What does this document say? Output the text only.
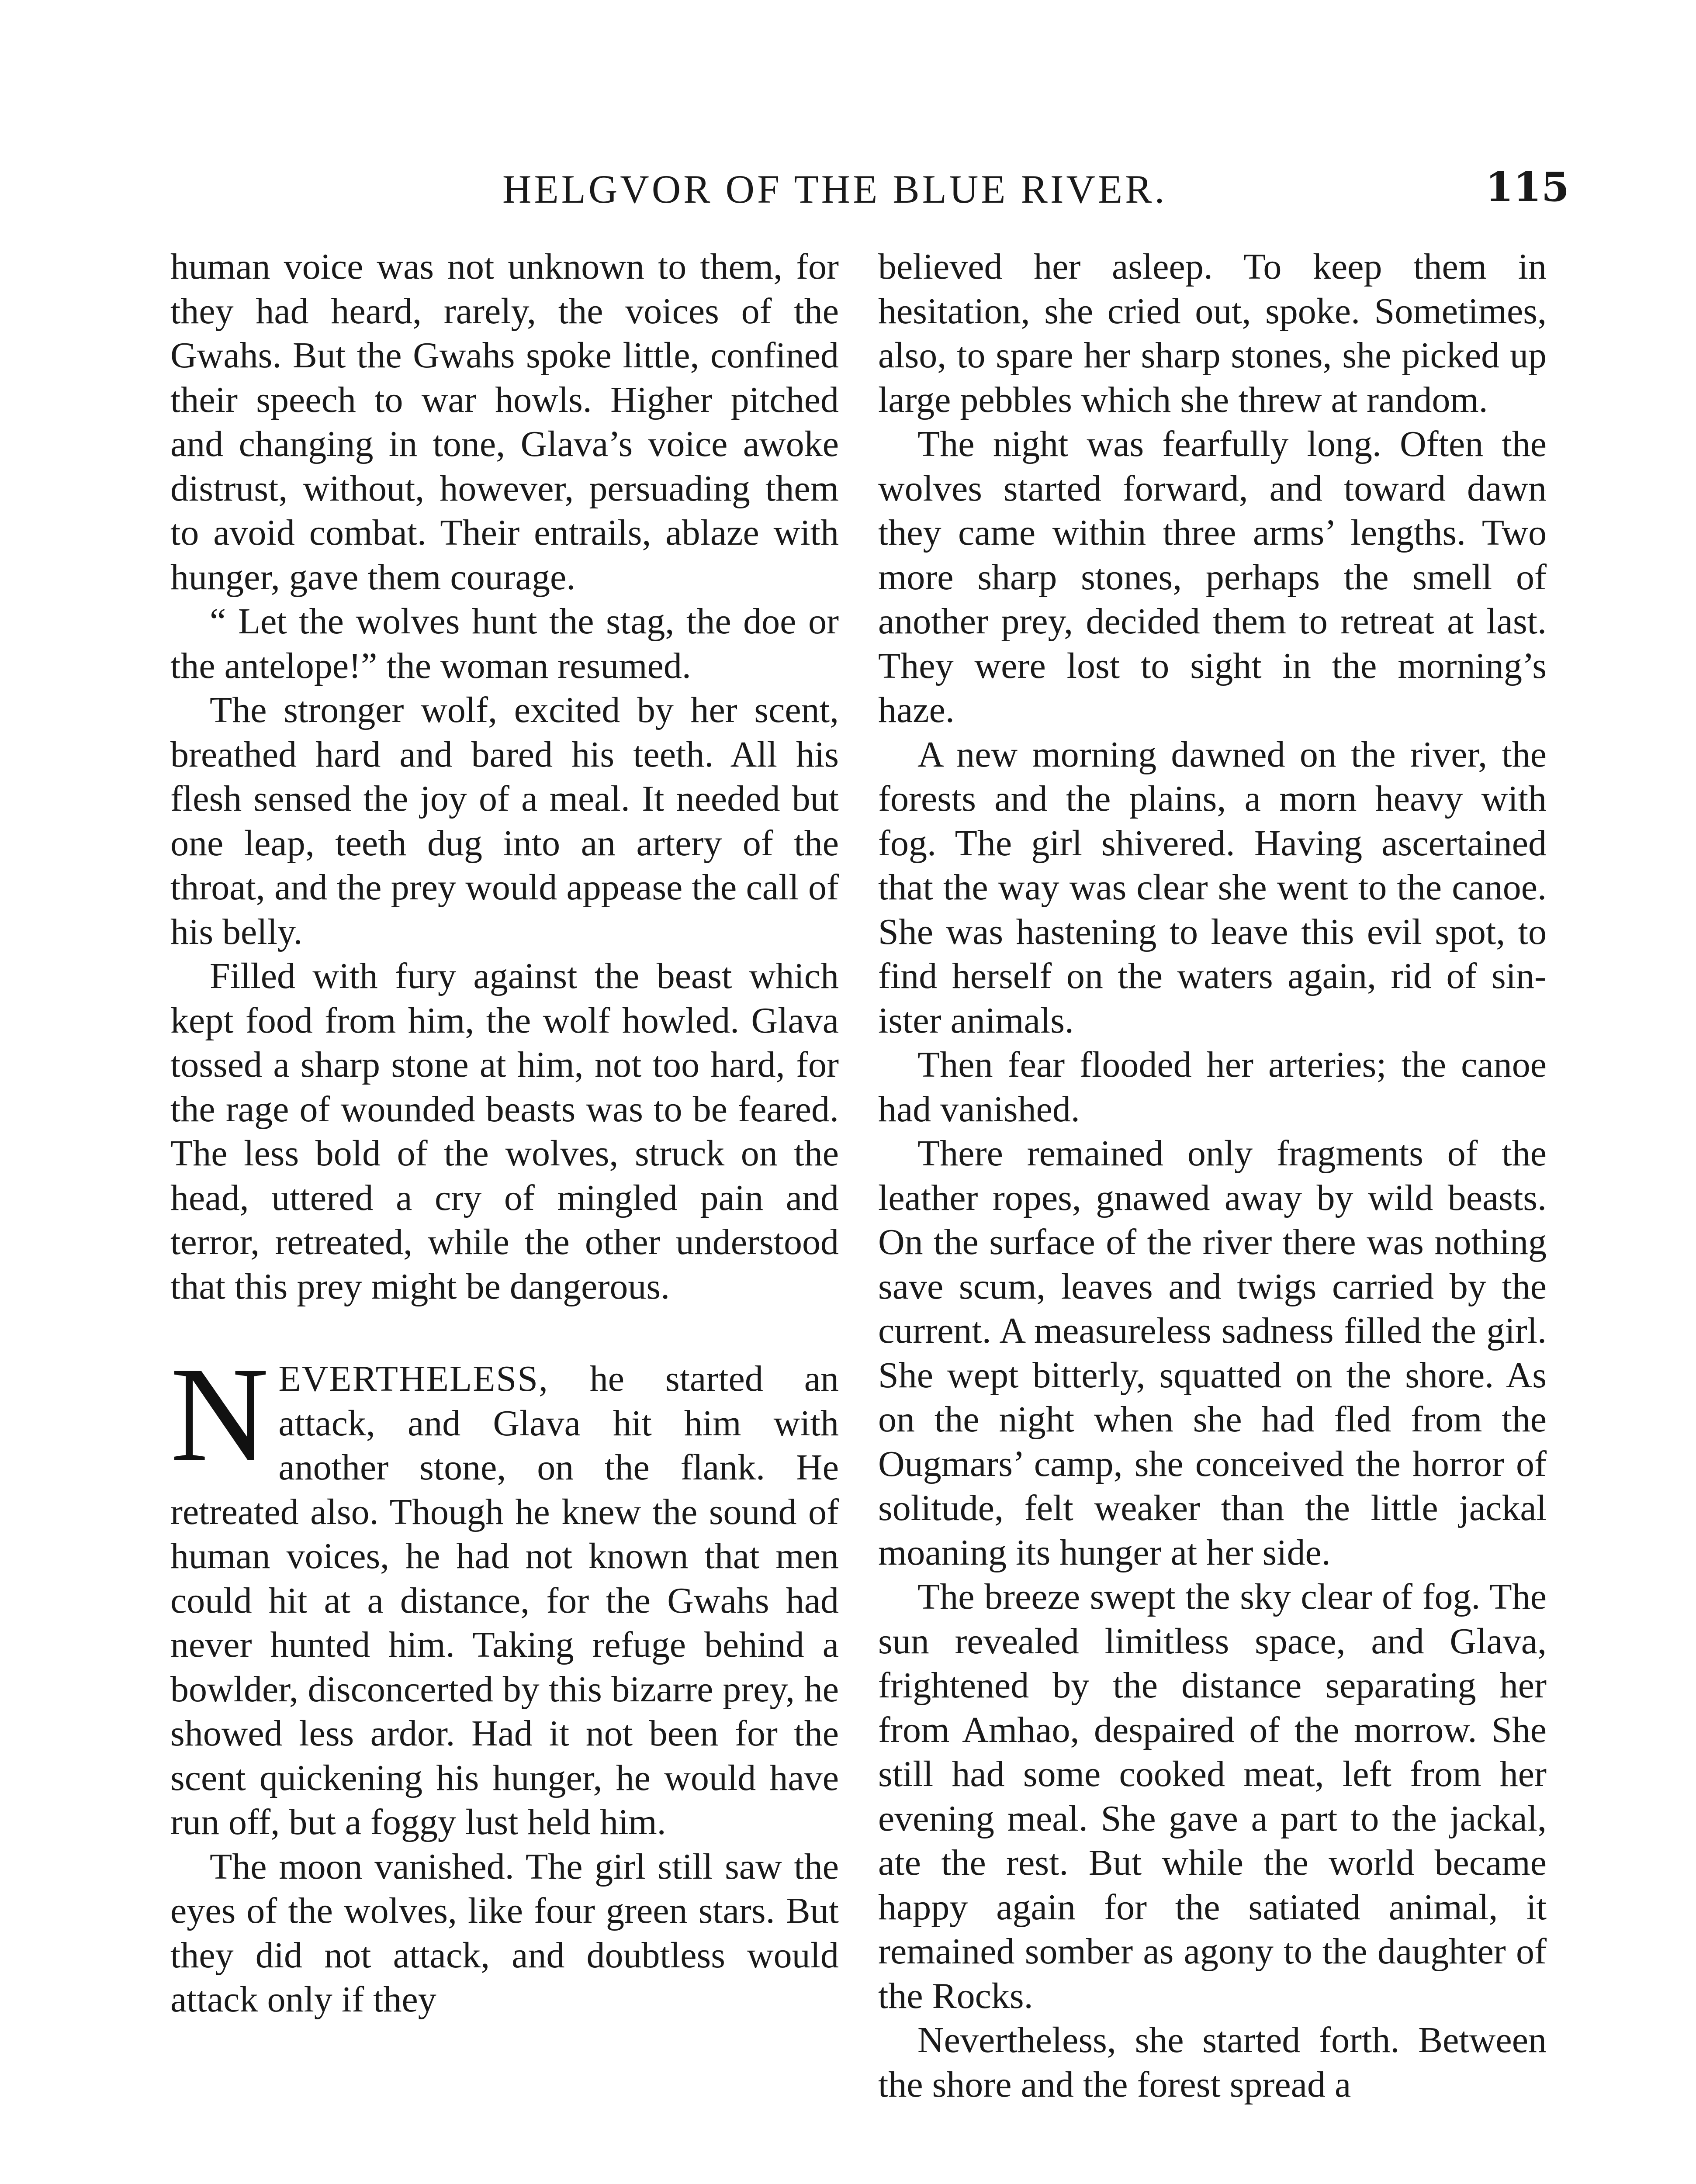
HELGVOR OF THE BLUE RIVER.	115

human voice was not unknown to them, for they had heard, rarely, the voices of the Gwahs. But the Gwahs spoke little, confined their speech to war howls. Higher pitched and changing in tone, Glava’s voice awoke distrust, without, however, persuading them to avoid combat. Their entrails, ablaze with hunger, gave them courage.

“ Let the wolves hunt the stag, the doe or the antelope!” the woman resumed.

The stronger wolf, excited by her scent, breathed hard and bared his teeth. All his flesh sensed the joy of a meal. It needed but one leap, teeth dug into an artery of the throat, and the prey would appease the call of his belly.

Filled with fury against the beast which kept food from him, the wolf howled. Glava tossed a sharp stone at him, not too hard, for the rage of wounded beasts was to be feared. The less bold of the wolves, struck on the head, uttered a cry of mingled pain and terror, retreated, while the other understood that this prey might be dangerous.

NEVERTHELESS, he started an attack, and Glava hit him with another stone, on the flank. He retreated also. Though he knew the sound of human voices, he had not known that men could hit at a distance, for the Gwahs had never hunted him. Taking refuge behind a bowlder, disconcerted by this bizarre prey, he showed less ardor. Had it not been for the scent quickening his hunger, he would have run off, but a foggy lust held him.

The moon vanished. The girl still saw the eyes of the wolves, like four green stars. But they did not attack, and doubtless would attack only if they

believed her asleep. To keep them in hesitation, she cried out, spoke. Sometimes, also, to spare her sharp stones, she picked up large pebbles which she threw at random.

The night was fearfully long. Often the wolves started forward, and toward dawn they came within three arms’ lengths. Two more sharp stones, perhaps the smell of another prey, decided them to retreat at last. They were lost to sight in the morning’s haze.

A new morning dawned on the river, the forests and the plains, a morn heavy with fog. The girl shivered. Having ascertained that the way was clear she went to the canoe. She was hastening to leave this evil spot, to find herself on the waters again, rid of sinister animals.

Then fear flooded her arteries; the canoe had vanished.

There remained only fragments of the leather ropes, gnawed away by wild beasts. On the surface of the river there was nothing save scum, leaves and twigs carried by the current. A measureless sadness filled the girl. She wept bitterly, squatted on the shore. As on the night when she had fled from the Ougmars’ camp, she conceived the horror of solitude, felt weaker than the little jackal moaning its hunger at her side.

The breeze swept the sky clear of fog. The sun revealed limitless space, and Glava, frightened by the distance separating her from Amhao, despaired of the morrow. She still had some cooked meat, left from her evening meal. She gave a part to the jackal, ate the rest. But while the world became happy again for the satiated animal, it remained somber as agony to the daughter of the Rocks.

Nevertheless, she started forth. Between the shore and the forest spread a
